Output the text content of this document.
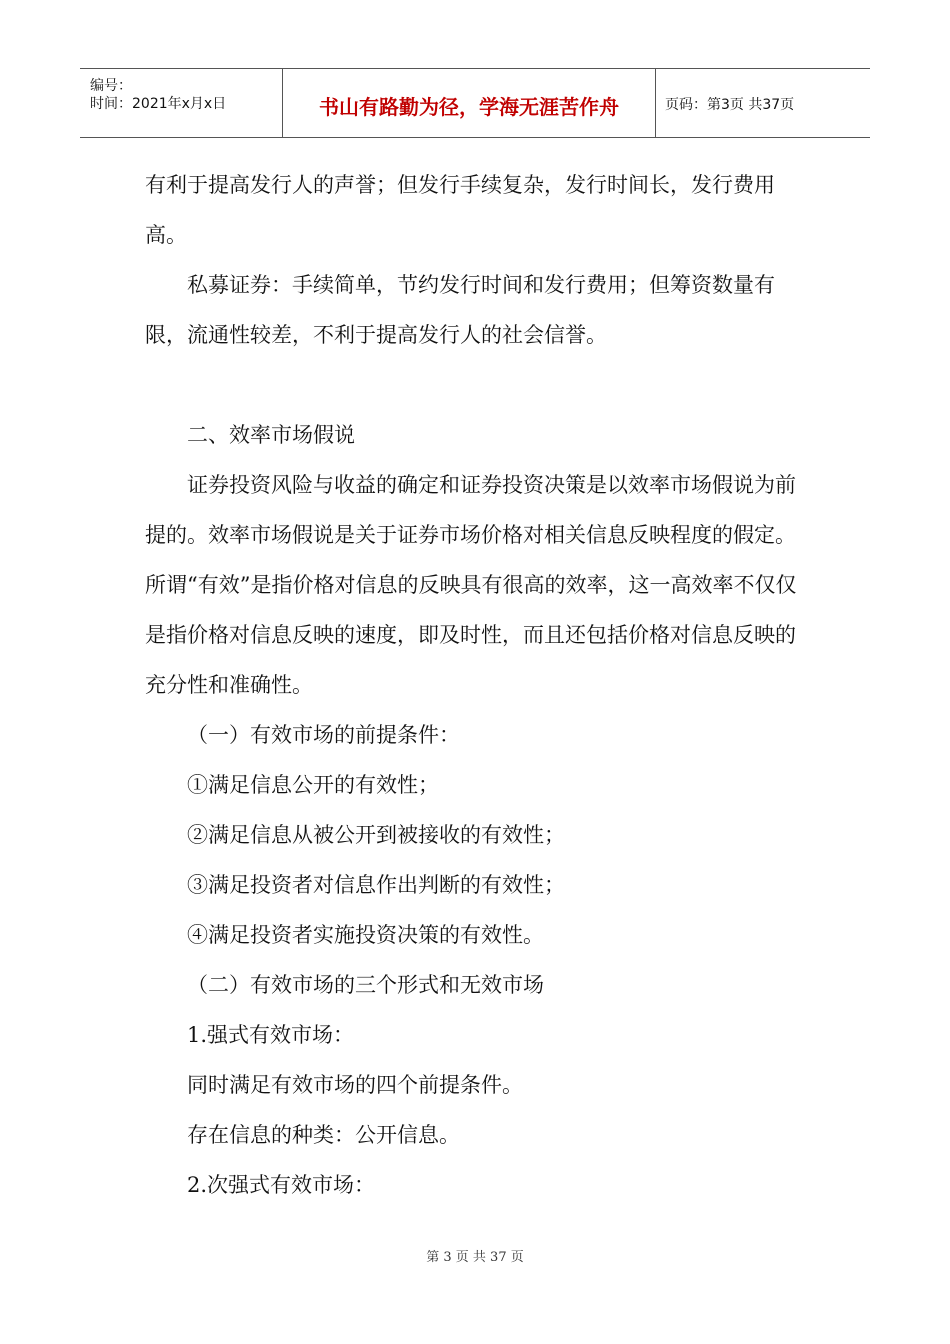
编号：
时间：2021年x月x日	书山有路勤为径，学海无涯苦作舟	页码：第3页 共37页

有利于提高发行人的声誉；但发行手续复杂，发行时间长，发行费用高。

私募证券：手续简单，节约发行时间和发行费用；但筹资数量有限，流通性较差，不利于提高发行人的社会信誉。

二、效率市场假说

证券投资风险与收益的确定和证券投资决策是以效率市场假说为前提的。效率市场假说是关于证券市场价格对相关信息反映程度的假定。所谓“有效”是指价格对信息的反映具有很高的效率，这一高效率不仅仅是指价格对信息反映的速度，即及时性，而且还包括价格对信息反映的充分性和准确性。

（一）有效市场的前提条件：

①满足信息公开的有效性；

②满足信息从被公开到被接收的有效性；

③满足投资者对信息作出判断的有效性；

④满足投资者实施投资决策的有效性。

（二）有效市场的三个形式和无效市场

1.强式有效市场：

同时满足有效市场的四个前提条件。

存在信息的种类：公开信息。

2.次强式有效市场：

第 3 页 共 37 页
